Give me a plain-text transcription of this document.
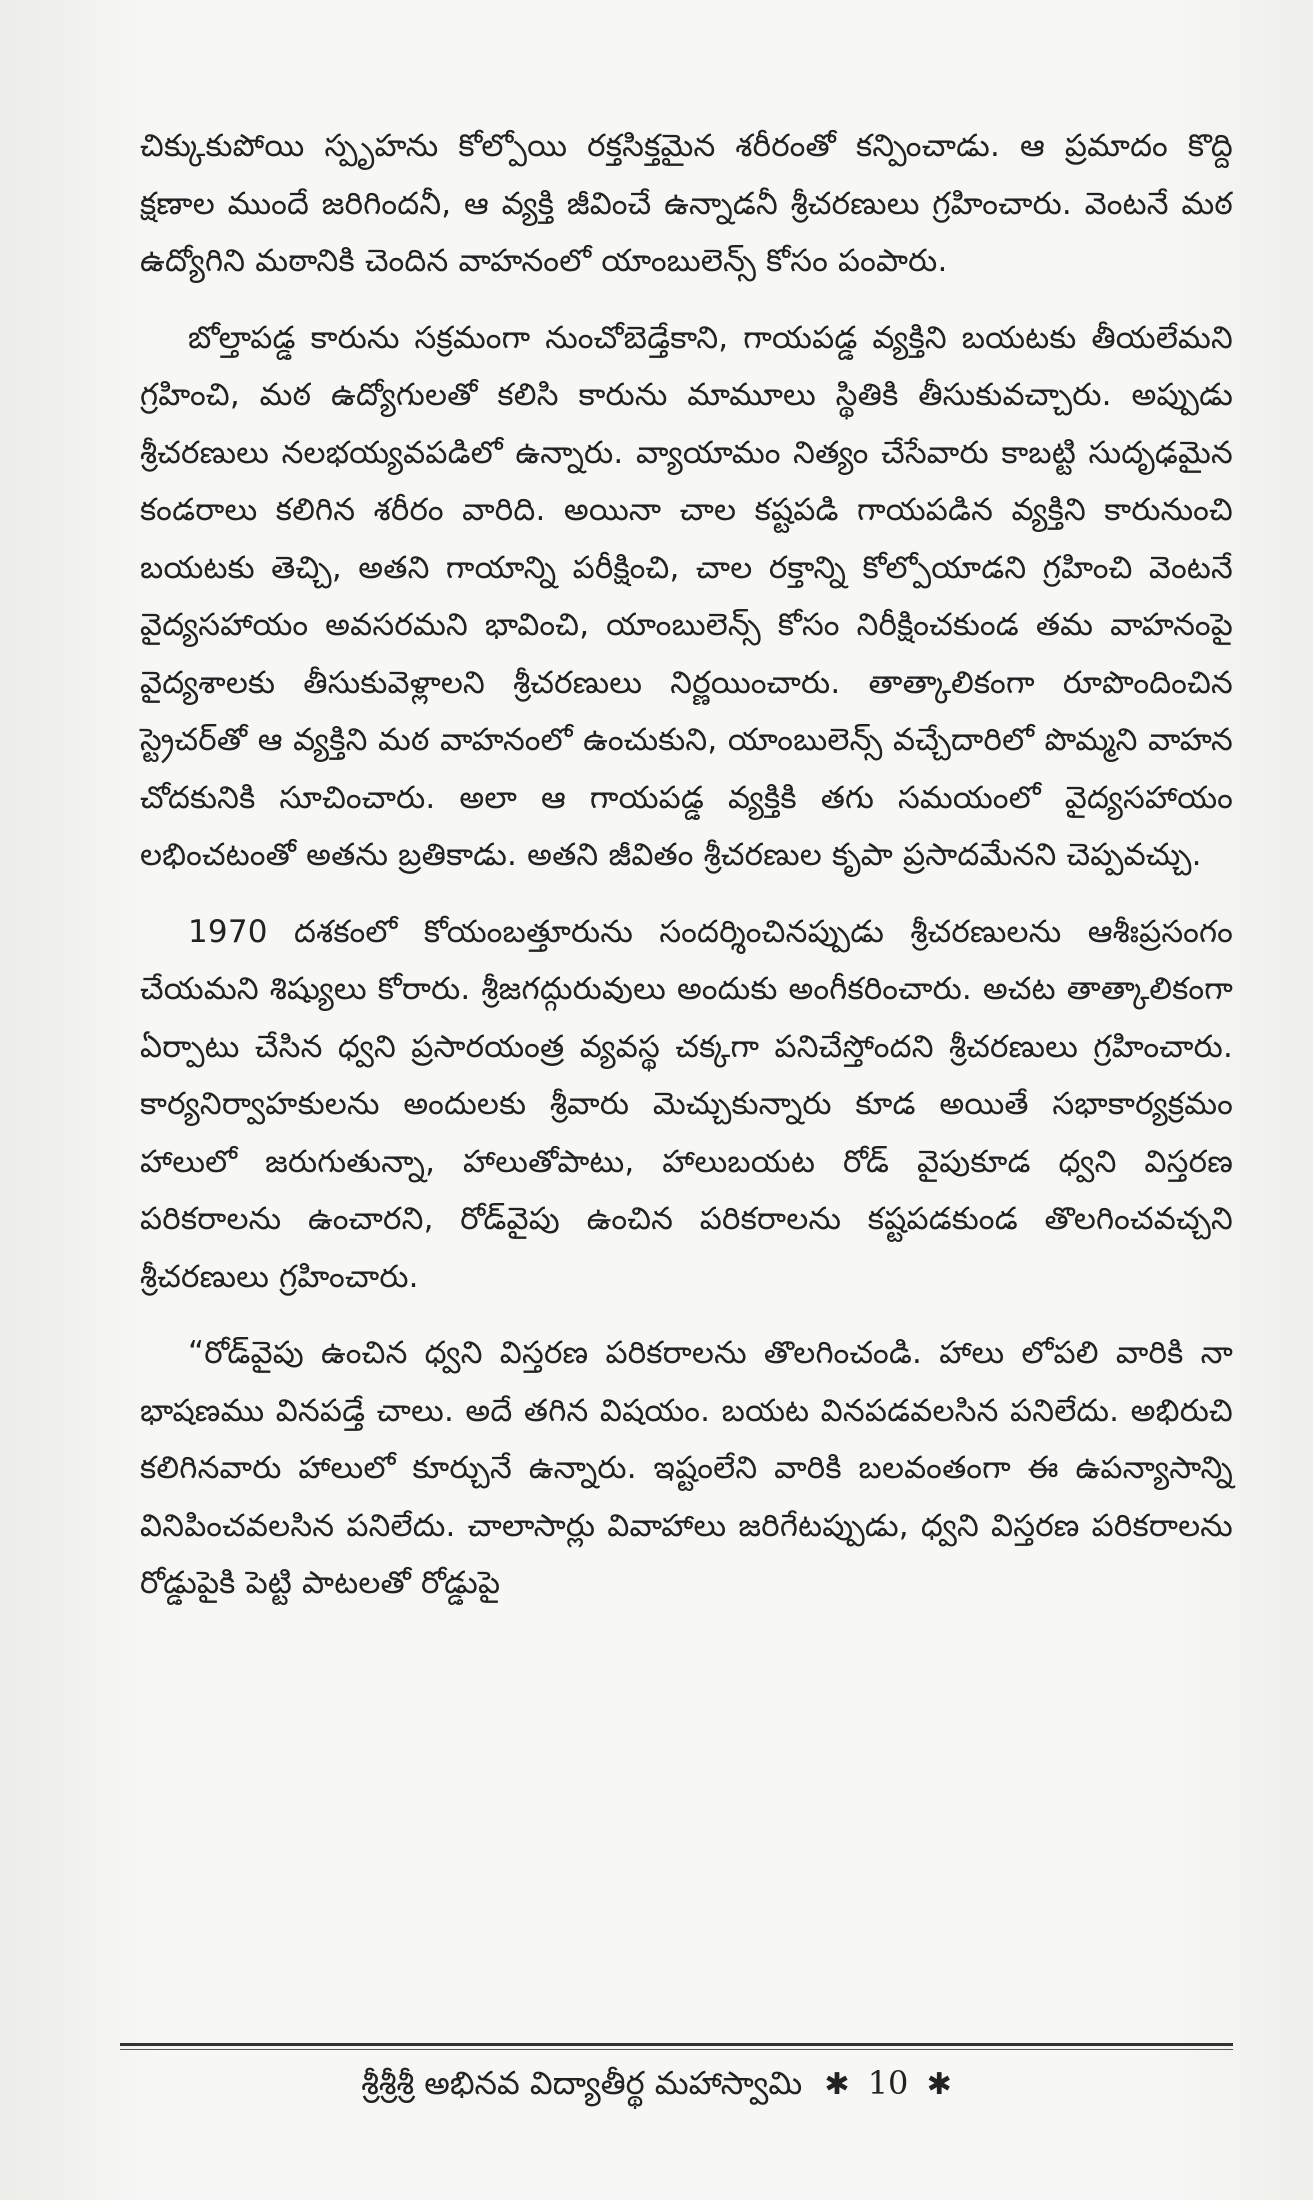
చిక్కుకుపోయి స్పృహను కోల్పోయి రక్తసిక్తమైన శరీరంతో కన్పించాడు. ఆ ప్రమాదం కొద్ది క్షణాల ముందే జరిగిందనీ, ఆ వ్యక్తి జీవించే ఉన్నాడనీ శ్రీచరణులు గ్రహించారు. వెంటనే మఠ ఉద్యోగిని మఠానికి చెందిన వాహనంలో యాంబులెన్స్ కోసం పంపారు.

బోల్తాపడ్డ కారును సక్రమంగా నుంచోబెడ్తేకాని, గాయపడ్డ వ్యక్తిని బయటకు తీయలేమని గ్రహించి, మఠ ఉద్యోగులతో కలిసి కారును మామూలు స్థితికి తీసుకువచ్చారు. అప్పుడు శ్రీచరణులు నలభయ్యవపడిలో ఉన్నారు. వ్యాయామం నిత్యం చేసేవారు కాబట్టి సుదృఢమైన కండరాలు కలిగిన శరీరం వారిది. అయినా చాల కష్టపడి గాయపడిన వ్యక్తిని కారునుంచి బయటకు తెచ్చి, అతని గాయాన్ని పరీక్షించి, చాల రక్తాన్ని కోల్పోయాడని గ్రహించి వెంటనే వైద్యసహాయం అవసరమని భావించి, యాంబులెన్స్ కోసం నిరీక్షించకుండ తమ వాహనంపై వైద్యశాలకు తీసుకువెళ్లాలని శ్రీచరణులు నిర్ణయించారు. తాత్కాలికంగా రూపొందించిన స్ట్రెచర్‌తో ఆ వ్యక్తిని మఠ వాహనంలో ఉంచుకుని, యాంబులెన్స్ వచ్చేదారిలో పొమ్మని వాహన చోదకునికి సూచించారు. అలా ఆ గాయపడ్డ వ్యక్తికి తగు సమయంలో వైద్యసహాయం లభించటంతో అతను బ్రతికాడు. అతని జీవితం శ్రీచరణుల కృపా ప్రసాదమేనని చెప్పవచ్చు.

1970 దశకంలో కోయంబత్తూరును సందర్శించినప్పుడు శ్రీచరణులను ఆశీఃప్రసంగం చేయమని శిష్యులు కోరారు. శ్రీజగద్గురువులు అందుకు అంగీకరించారు. అచట తాత్కాలికంగా ఏర్పాటు చేసిన ధ్వని ప్రసారయంత్ర వ్యవస్థ చక్కగా పనిచేస్తోందని శ్రీచరణులు గ్రహించారు. కార్యనిర్వాహకులను అందులకు శ్రీవారు మెచ్చుకున్నారు కూడ అయితే సభాకార్యక్రమం హాలులో జరుగుతున్నా, హాలుతోపాటు, హాలుబయట రోడ్ వైపుకూడ ధ్వని విస్తరణ పరికరాలను ఉంచారని, రోడ్‌వైపు ఉంచిన పరికరాలను కష్టపడకుండ తొలగించవచ్చని శ్రీచరణులు గ్రహించారు.

“రోడ్‌వైపు ఉంచిన ధ్వని విస్తరణ పరికరాలను తొలగించండి. హాలు లోపలి వారికి నా భాషణము వినపడ్తే చాలు. అదే తగిన విషయం. బయట వినపడవలసిన పనిలేదు. అభిరుచి కలిగినవారు హాలులో కూర్చునే ఉన్నారు. ఇష్టంలేని వారికి బలవంతంగా ఈ ఉపన్యాసాన్ని వినిపించవలసిన పనిలేదు. చాలాసార్లు వివాహాలు జరిగేటప్పుడు, ధ్వని విస్తరణ పరికరాలను రోడ్డుపైకి పెట్టి పాటలతో రోడ్డుపై

శ్రీశ్రీశ్రీ అభినవ విద్యాతీర్థ మహాస్వామి ✱ 10 ✱
